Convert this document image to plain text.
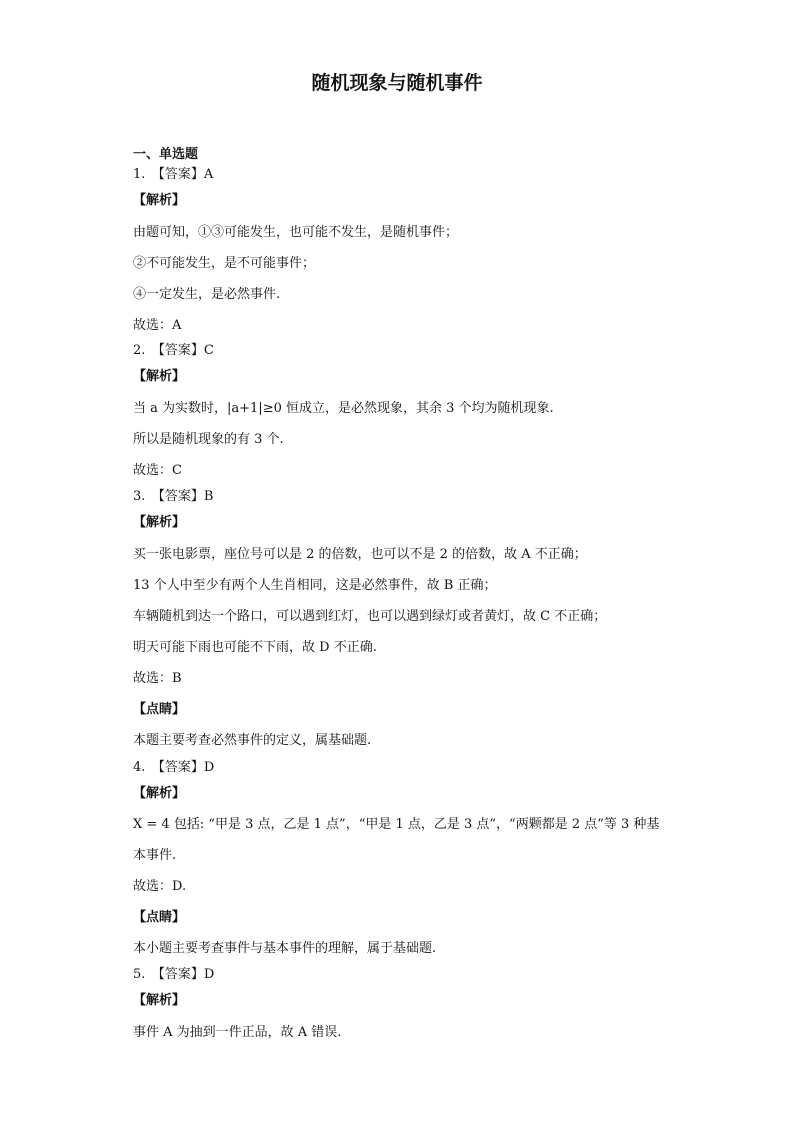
随机现象与随机事件
一、单选题
1.　【答案】A
【解析】
由题可知，①③可能发生，也可能不发生，是随机事件；
②不可能发生，是不可能事件；
④一定发生，是必然事件.
故选：A
2.　【答案】C
【解析】
当 a 为实数时，|a+1|≥0 恒成立，是必然现象，其余 3 个均为随机现象.
所以是随机现象的有 3 个.
故选：C
3.　【答案】B
【解析】
买一张电影票，座位号可以是 2 的倍数，也可以不是 2 的倍数，故 A 不正确；
13 个人中至少有两个人生肖相同，这是必然事件，故 B 正确；
车辆随机到达一个路口，可以遇到红灯，也可以遇到绿灯或者黄灯，故 C 不正确；
明天可能下雨也可能不下雨，故 D 不正确.
故选：B
【点睛】
本题主要考查必然事件的定义，属基础题.
4.　【答案】D
【解析】
X = 4 包括: “甲是 3 点，乙是 1 点”，“甲是 1 点，乙是 3 点”，“两颗都是 2 点”等 3 种基
本事件.
故选：D.
【点睛】
本小题主要考查事件与基本事件的理解，属于基础题.
5.　【答案】D
【解析】
事件 A 为抽到一件正品，故 A 错误.
